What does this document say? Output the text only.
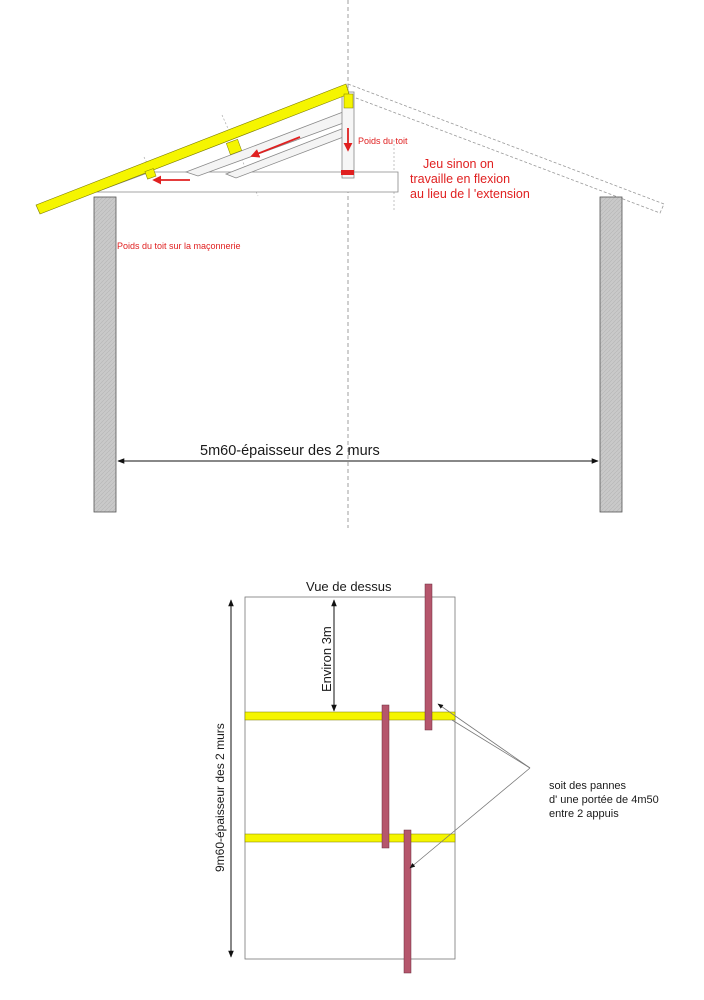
Poids du toit
Jeu sinon on
travaille en flexion
au lieu de l 'extension
Poids du toit sur la maçonnerie
5m60-épaisseur des 2 murs
Vue de dessus
Environ 3m
9m60-épaisseur des 2 murs	soit des pannes
d' une portée de 4m50
entre 2 appuis
